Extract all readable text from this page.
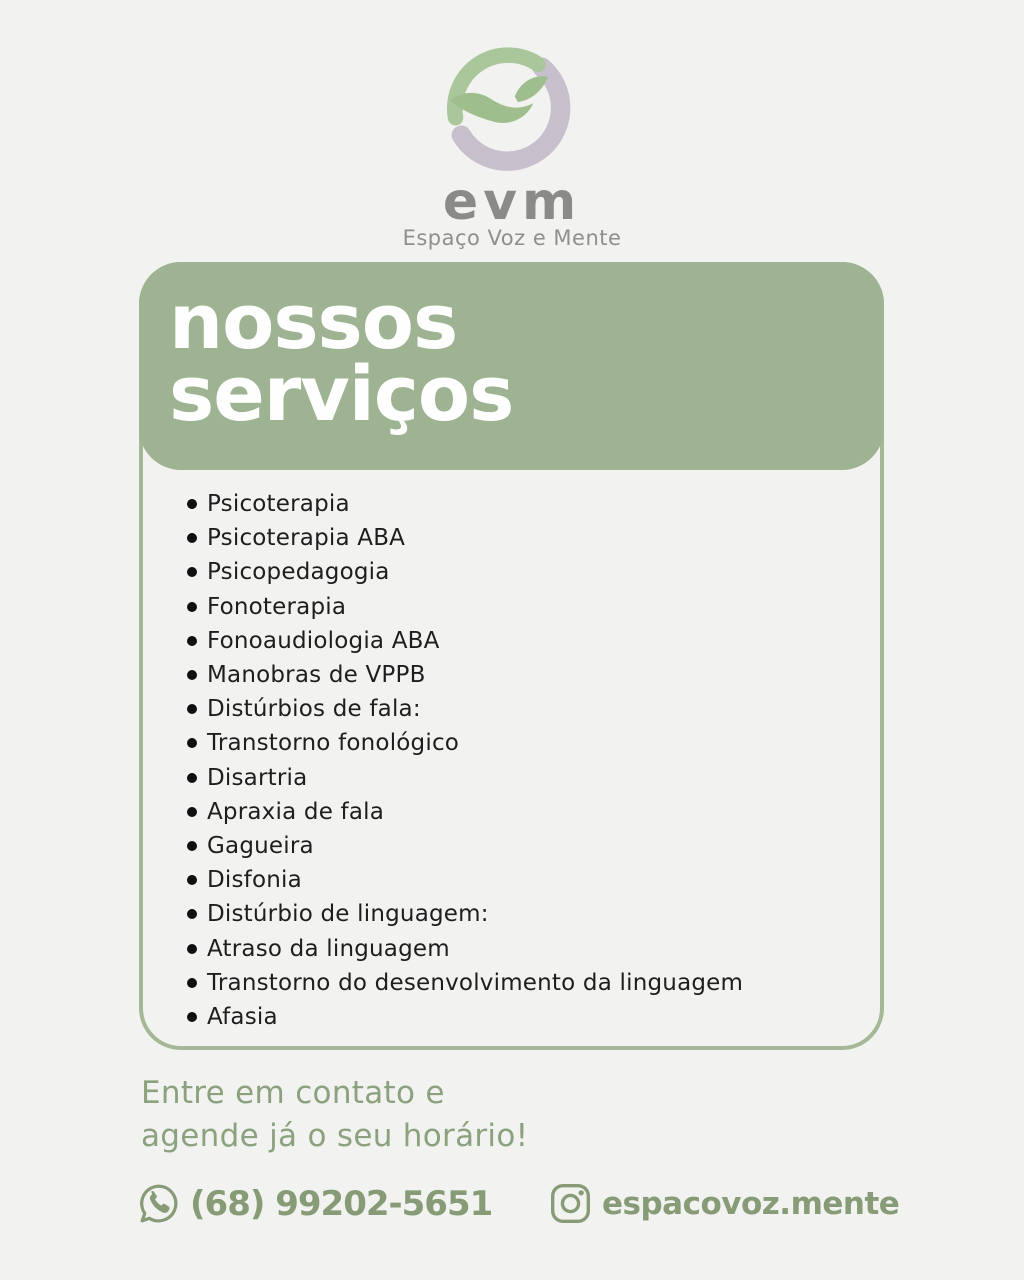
evm
Espaço Voz e Mente
nossos
serviços
Psicoterapia
Psicoterapia ABA
Psicopedagogia
Fonoterapia
Fonoaudiologia ABA
Manobras de VPPB
Distúrbios de fala:
Transtorno fonológico
Disartria
Apraxia de fala
Gagueira
Disfonia
Distúrbio de linguagem:
Atraso da linguagem
Transtorno do desenvolvimento da linguagem
Afasia
Entre em contato e
agende já o seu horário!
(68) 99202-5651	espacovoz.mente
